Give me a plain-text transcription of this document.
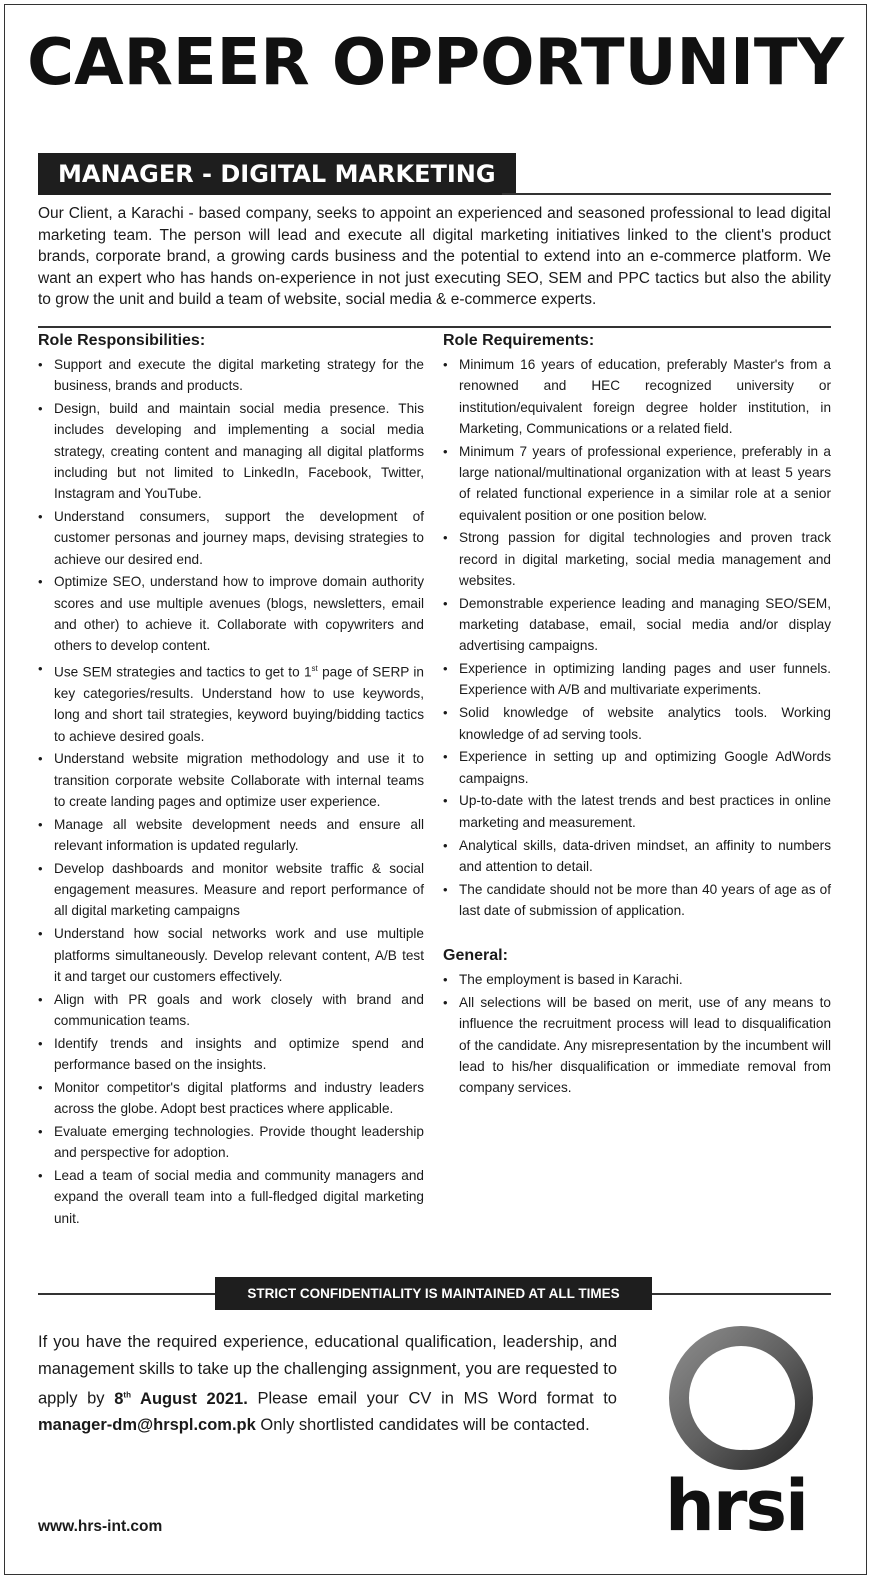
CAREER OPPORTUNITY
MANAGER - DIGITAL MARKETING
Our Client, a Karachi - based company, seeks to appoint an experienced and seasoned professional to lead digital marketing team. The person will lead and execute all digital marketing initiatives linked to the client's product brands, corporate brand, a growing cards business and the potential to extend into an e-commerce platform. We want an expert who has hands on-experience in not just executing SEO, SEM and PPC tactics but also the ability to grow the unit and build a team of website, social media & e-commerce experts.
Role Responsibilities:
• Support and execute the digital marketing strategy for the business, brands and products.
• Design, build and maintain social media presence. This includes developing and implementing a social media strategy, creating content and managing all digital platforms including but not limited to LinkedIn, Facebook, Twitter, Instagram and YouTube.
• Understand consumers, support the development of customer personas and journey maps, devising strategies to achieve our desired end.
• Optimize SEO, understand how to improve domain authority scores and use multiple avenues (blogs, newsletters, email and other) to achieve it. Collaborate with copywriters and others to develop content.
• Use SEM strategies and tactics to get to 1st page of SERP in key categories/results. Understand how to use keywords, long and short tail strategies, keyword buying/bidding tactics to achieve desired goals.
• Understand website migration methodology and use it to transition corporate website Collaborate with internal teams to create landing pages and optimize user experience.
• Manage all website development needs and ensure all relevant information is updated regularly.
• Develop dashboards and monitor website traffic & social engagement measures. Measure and report performance of all digital marketing campaigns
• Understand how social networks work and use multiple platforms simultaneously. Develop relevant content, A/B test it and target our customers effectively.
• Align with PR goals and work closely with brand and communication teams.
• Identify trends and insights and optimize spend and performance based on the insights.
• Monitor competitor's digital platforms and industry leaders across the globe. Adopt best practices where applicable.
• Evaluate emerging technologies. Provide thought leadership and perspective for adoption.
• Lead a team of social media and community managers and expand the overall team into a full-fledged digital marketing unit.
Role Requirements:
• Minimum 16 years of education, preferably Master's from a renowned and HEC recognized university or institution/equivalent foreign degree holder institution, in Marketing, Communications or a related field.
• Minimum 7 years of professional experience, preferably in a large national/multinational organization with at least 5 years of related functional experience in a similar role at a senior equivalent position or one position below.
• Strong passion for digital technologies and proven track record in digital marketing, social media management and websites.
• Demonstrable experience leading and managing SEO/SEM, marketing database, email, social media and/or display advertising campaigns.
• Experience in optimizing landing pages and user funnels. Experience with A/B and multivariate experiments.
• Solid knowledge of website analytics tools. Working knowledge of ad serving tools.
• Experience in setting up and optimizing Google AdWords campaigns.
• Up-to-date with the latest trends and best practices in online marketing and measurement.
• Analytical skills, data-driven mindset, an affinity to numbers and attention to detail.
• The candidate should not be more than 40 years of age as of last date of submission of application.
General:
• The employment is based in Karachi.
• All selections will be based on merit, use of any means to influence the recruitment process will lead to disqualification of the candidate. Any misrepresentation by the incumbent will lead to his/her disqualification or immediate removal from company services.
STRICT CONFIDENTIALITY IS MAINTAINED AT ALL TIMES
If you have the required experience, educational qualification, leadership, and management skills to take up the challenging assignment, you are requested to apply by 8th August 2021. Please email your CV in MS Word format to manager-dm@hrspl.com.pk Only shortlisted candidates will be contacted.
www.hrs-int.com	hrsi
